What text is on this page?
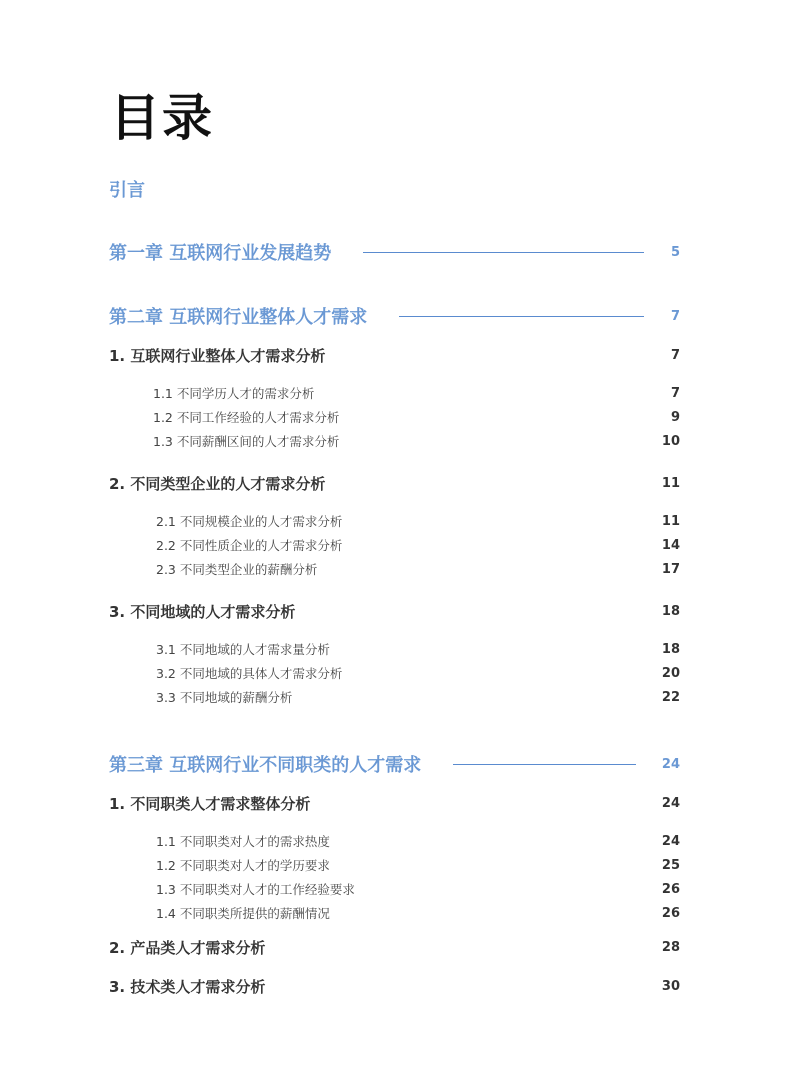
目录
引言
第一章 互联网行业发展趋势	5
第二章 互联网行业整体人才需求	7
1. 互联网行业整体人才需求分析	7
1.1 不同学历人才的需求分析	7
1.2 不同工作经验的人才需求分析	9
1.3 不同薪酬区间的人才需求分析	10
2. 不同类型企业的人才需求分析	11
2.1 不同规模企业的人才需求分析	11
2.2 不同性质企业的人才需求分析	14
2.3 不同类型企业的薪酬分析	17
3. 不同地域的人才需求分析	18
3.1 不同地域的人才需求量分析	18
3.2 不同地域的具体人才需求分析	20
3.3 不同地域的薪酬分析	22
第三章 互联网行业不同职类的人才需求	24
1. 不同职类人才需求整体分析	24
1.1 不同职类对人才的需求热度	24
1.2 不同职类对人才的学历要求	25
1.3 不同职类对人才的工作经验要求	26
1.4 不同职类所提供的薪酬情况	26
2. 产品类人才需求分析	28
3. 技术类人才需求分析	30
